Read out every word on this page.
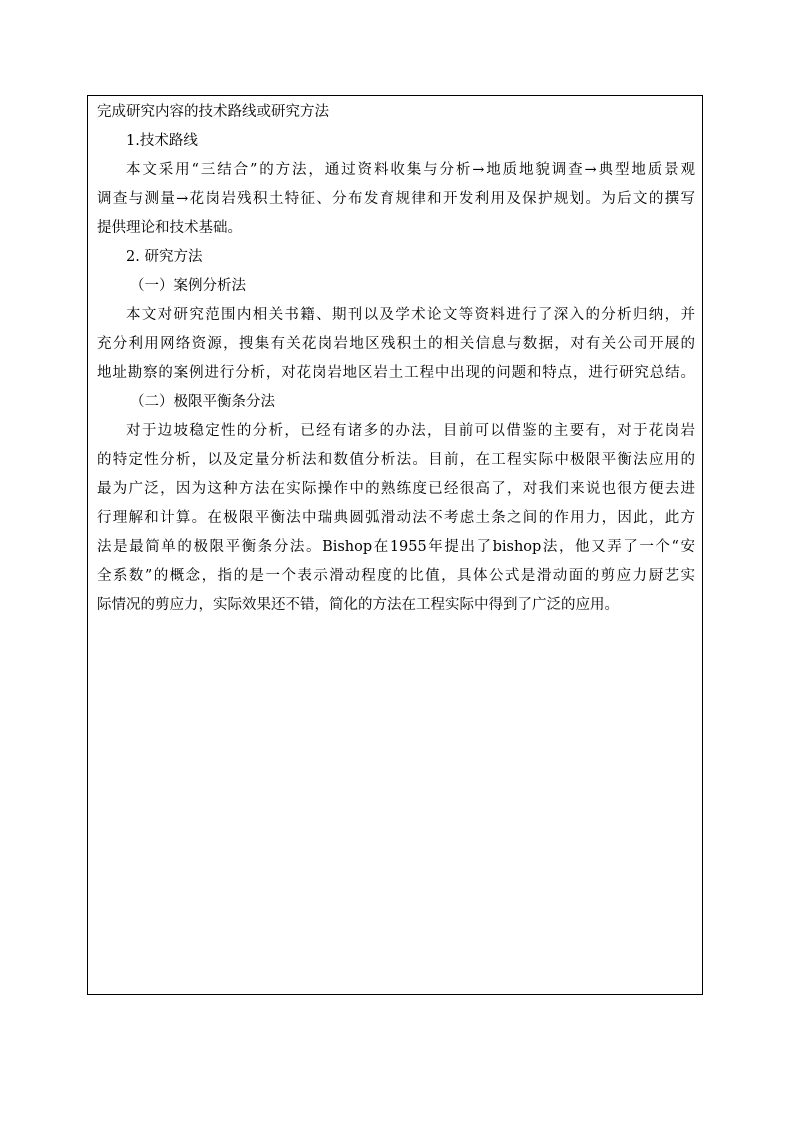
完成研究内容的技术路线或研究方法

1.技术路线

本文采用“三结合”的方法，通过资料收集与分析→地质地貌调查→典型地质景观

调查与测量→花岗岩残积土特征、分布发育规律和开发利用及保护规划。为后文的撰写

提供理论和技术基础。

2. 研究方法

（一）案例分析法

本文对研究范围内相关书籍、期刊以及学术论文等资料进行了深入的分析归纳，并

充分利用网络资源，搜集有关花岗岩地区残积土的相关信息与数据，对有关公司开展的

地址勘察的案例进行分析，对花岗岩地区岩土工程中出现的问题和特点，进行研究总结。

（二）极限平衡条分法

对于边坡稳定性的分析，已经有诸多的办法，目前可以借鉴的主要有，对于花岗岩

的特定性分析，以及定量分析法和数值分析法。目前，在工程实际中极限平衡法应用的

最为广泛，因为这种方法在实际操作中的熟练度已经很高了，对我们来说也很方便去进

行理解和计算。在极限平衡法中瑞典圆弧滑动法不考虑土条之间的作用力，因此，此方

法是最简单的极限平衡条分法。Bishop在1955年提出了bishop法，他又弄了一个“安

全系数”的概念，指的是一个表示滑动程度的比值，具体公式是滑动面的剪应力厨艺实

际情况的剪应力，实际效果还不错，简化的方法在工程实际中得到了广泛的应用。
